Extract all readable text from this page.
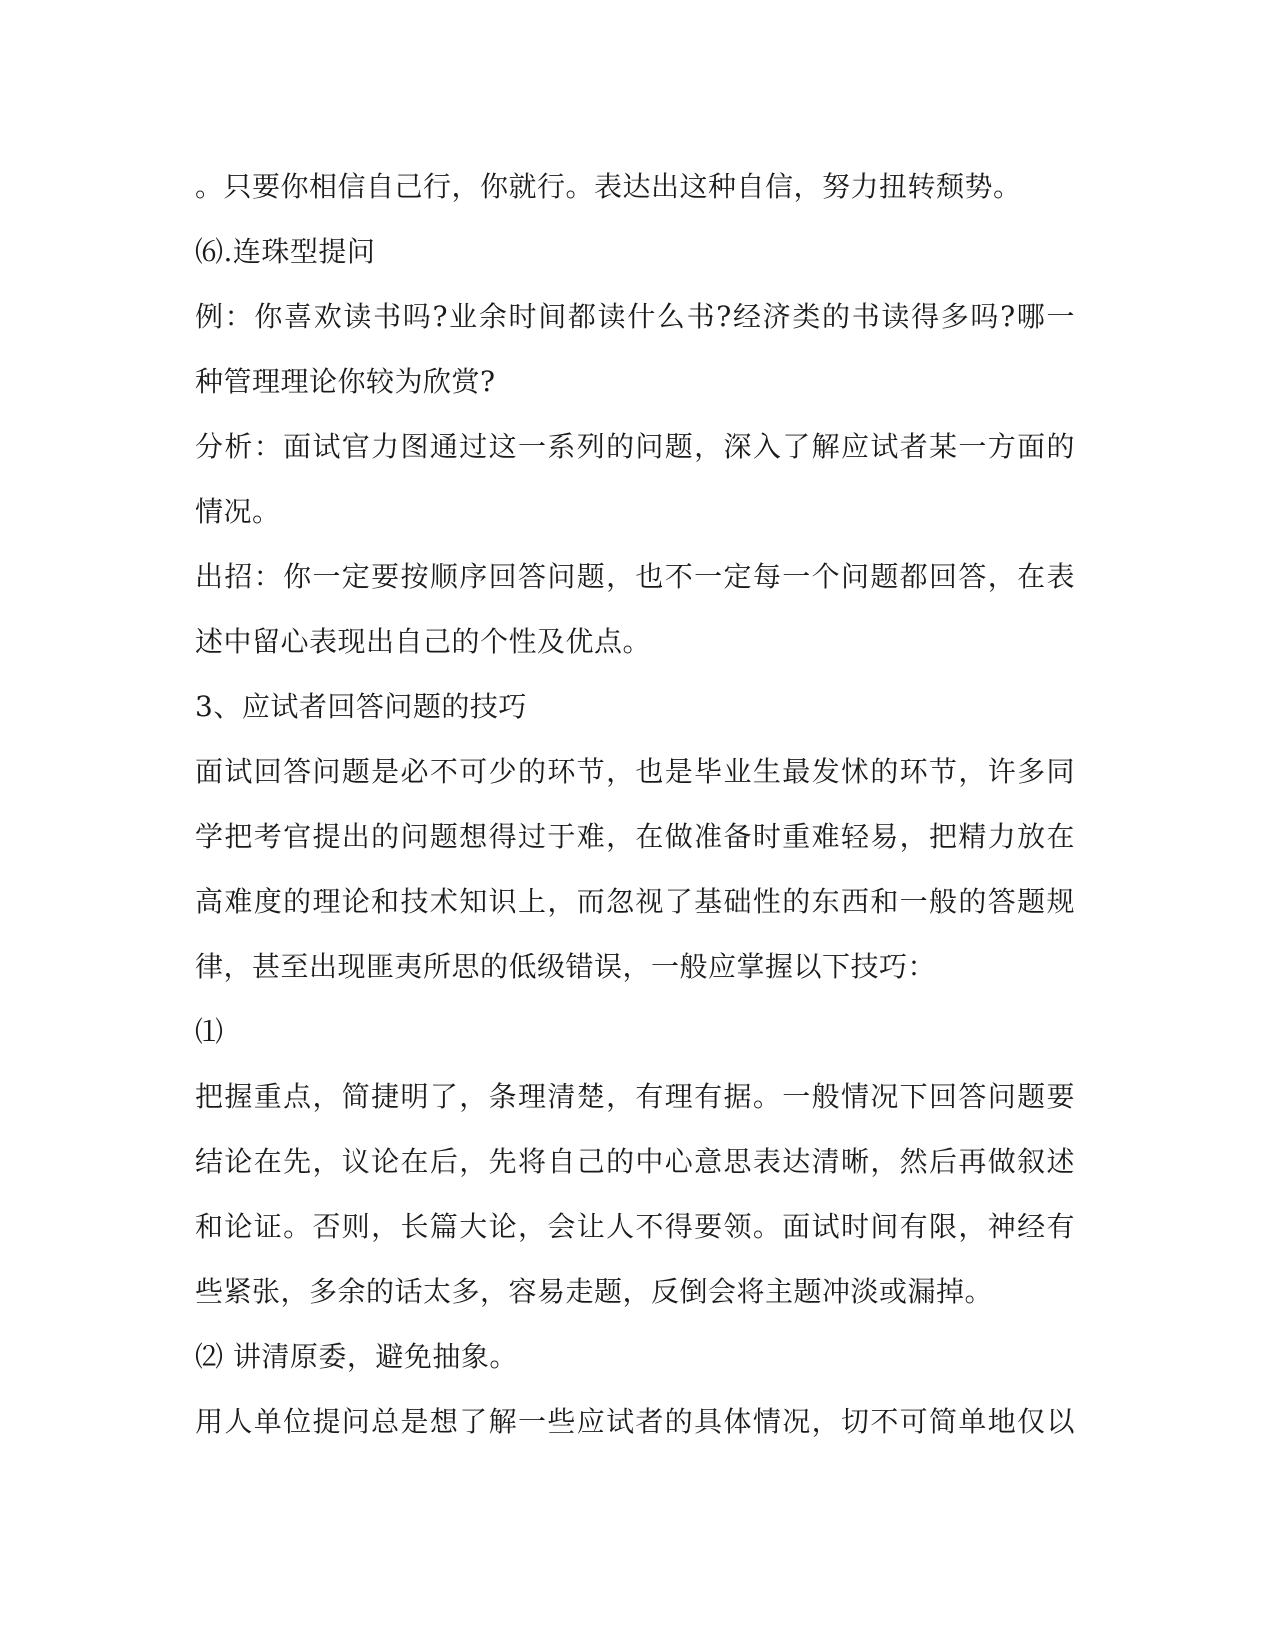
。只要你相信自己行，你就行。表达出这种自信，努力扭转颓势。
⑹.连珠型提问
例：你喜欢读书吗?业余时间都读什么书?经济类的书读得多吗?哪一
种管理理论你较为欣赏?
分析：面试官力图通过这一系列的问题，深入了解应试者某一方面的
情况。
出招：你一定要按顺序回答问题，也不一定每一个问题都回答，在表
述中留心表现出自己的个性及优点。
3、应试者回答问题的技巧
面试回答问题是必不可少的环节，也是毕业生最发怵的环节，许多同
学把考官提出的问题想得过于难，在做准备时重难轻易，把精力放在
高难度的理论和技术知识上，而忽视了基础性的东西和一般的答题规
律，甚至出现匪夷所思的低级错误，一般应掌握以下技巧：
⑴
把握重点，简捷明了，条理清楚，有理有据。一般情况下回答问题要
结论在先，议论在后，先将自己的中心意思表达清晰，然后再做叙述
和论证。否则，长篇大论，会让人不得要领。面试时间有限，神经有
些紧张，多余的话太多，容易走题，反倒会将主题冲淡或漏掉。
⑵ 讲清原委，避免抽象。
用人单位提问总是想了解一些应试者的具体情况，切不可简单地仅以
